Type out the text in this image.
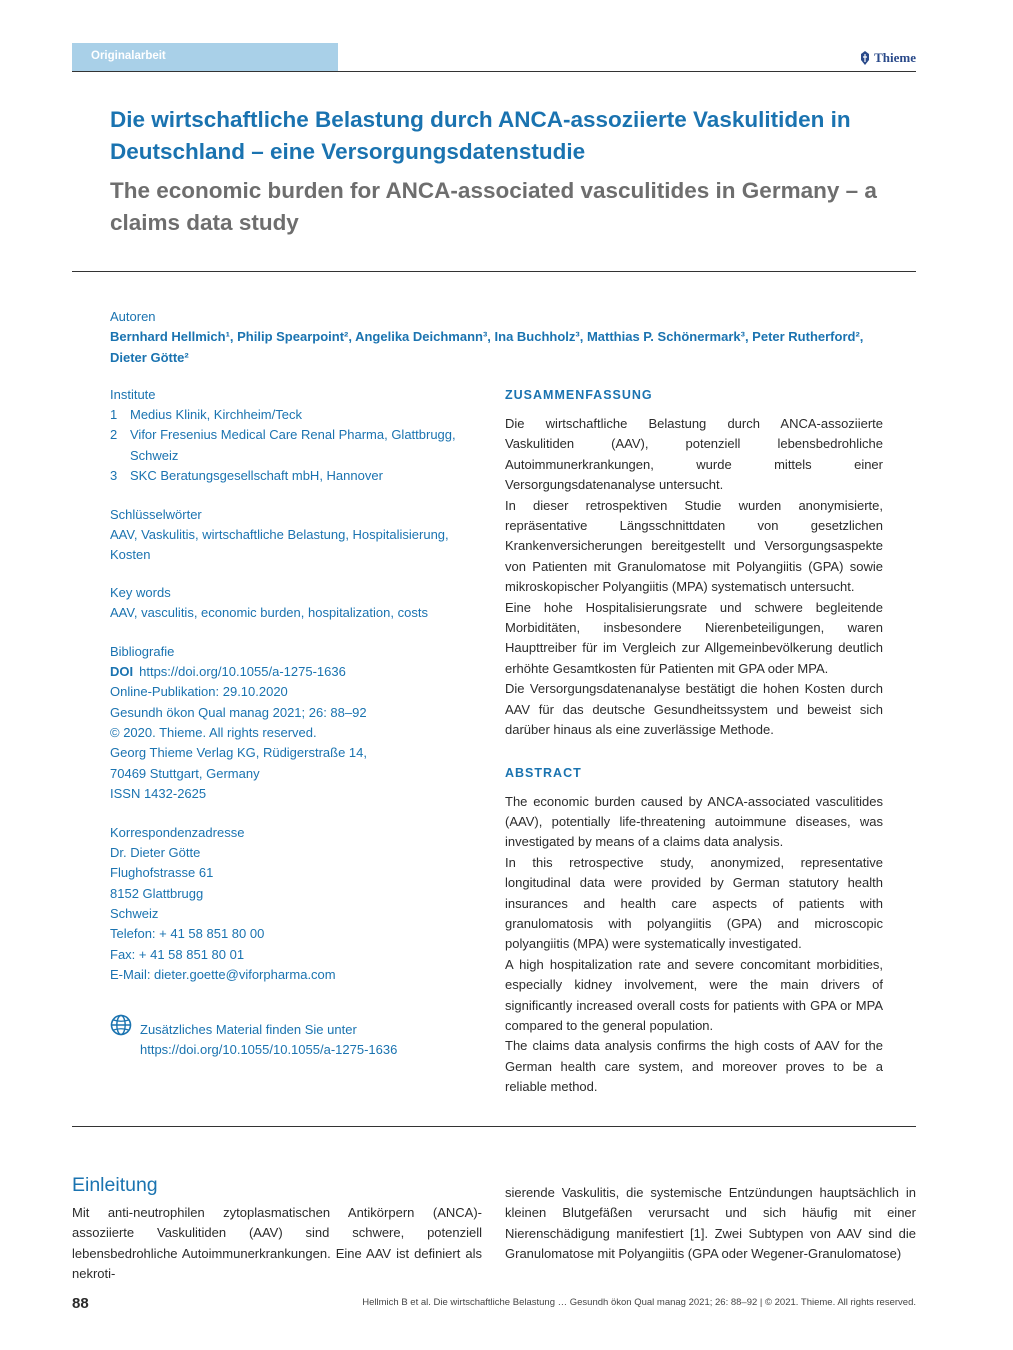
Originalarbeit	Thieme
Die wirtschaftliche Belastung durch ANCA-assoziierte Vaskulitiden in Deutschland – eine Versorgungsdatenstudie
The economic burden for ANCA-associated vasculitides in Germany – a claims data study
Autoren
Bernhard Hellmich¹, Philip Spearpoint², Angelika Deichmann³, Ina Buchholz³, Matthias P. Schönermark³, Peter Rutherford², Dieter Götte²
Institute
1 Medius Klinik, Kirchheim/Teck
2 Vifor Fresenius Medical Care Renal Pharma, Glattbrugg, Schweiz
3 SKC Beratungsgesellschaft mbH, Hannover
Schlüsselwörter
AAV, Vaskulitis, wirtschaftliche Belastung, Hospitalisierung, Kosten
Key words
AAV, vasculitis, economic burden, hospitalization, costs
Bibliografie
DOI https://doi.org/10.1055/a-1275-1636
Online-Publikation: 29.10.2020
Gesundh ökon Qual manag 2021; 26: 88–92
© 2020. Thieme. All rights reserved.
Georg Thieme Verlag KG, Rüdigerstraße 14,
70469 Stuttgart, Germany
ISSN 1432-2625
Korrespondenzadresse
Dr. Dieter Götte
Flughofstrasse 61
8152 Glattbrugg
Schweiz
Telefon: + 41 58 851 80 00
Fax: + 41 58 851 80 01
E-Mail: dieter.goette@viforpharma.com
Zusätzliches Material finden Sie unter
https://doi.org/10.1055/10.1055/a-1275-1636
ZUSAMMENFASSUNG

Die wirtschaftliche Belastung durch ANCA-assoziierte Vaskulitiden (AAV), potenziell lebensbedrohliche Autoimmunerkrankungen, wurde mittels einer Versorgungsdatenanalyse untersucht.

In dieser retrospektiven Studie wurden anonymisierte, repräsentative Längsschnittdaten von gesetzlichen Krankenversicherungen bereitgestellt und Versorgungsaspekte von Patienten mit Granulomatose mit Polyangiitis (GPA) sowie mikroskopischer Polyangiitis (MPA) systematisch untersucht.

Eine hohe Hospitalisierungsrate und schwere begleitende Morbiditäten, insbesondere Nierenbeteiligungen, waren Haupttreiber für im Vergleich zur Allgemeinbevölkerung deutlich erhöhte Gesamtkosten für Patienten mit GPA oder MPA.

Die Versorgungsdatenanalyse bestätigt die hohen Kosten durch AAV für das deutsche Gesundheitssystem und beweist sich darüber hinaus als eine zuverlässige Methode.

ABSTRACT

The economic burden caused by ANCA-associated vasculitides (AAV), potentially life-threatening autoimmune diseases, was investigated by means of a claims data analysis.

In this retrospective study, anonymized, representative longitudinal data were provided by German statutory health insurances and health care aspects of patients with granulomatosis with polyangiitis (GPA) and microscopic polyangiitis (MPA) were systematically investigated.

A high hospitalization rate and severe concomitant morbidities, especially kidney involvement, were the main drivers of significantly increased overall costs for patients with GPA or MPA compared to the general population.

The claims data analysis confirms the high costs of AAV for the German health care system, and moreover proves to be a reliable method.

Einleitung

Mit anti-neutrophilen zytoplasmatischen Antikörpern (ANCA)-assoziierte Vaskulitiden (AAV) sind schwere, potenziell lebensbedrohliche Autoimmunerkrankungen. Eine AAV ist definiert als nekroti-

sierende Vaskulitis, die systemische Entzündungen hauptsächlich in kleinen Blutgefäßen verursacht und sich häufig mit einer Nierenschädigung manifestiert [1]. Zwei Subtypen von AAV sind die Granulomatose mit Polyangiitis (GPA oder Wegener-Granulomatose)

88	Hellmich B et al. Die wirtschaftliche Belastung … Gesundh ökon Qual manag 2021; 26: 88–92 | © 2021. Thieme. All rights reserved.
